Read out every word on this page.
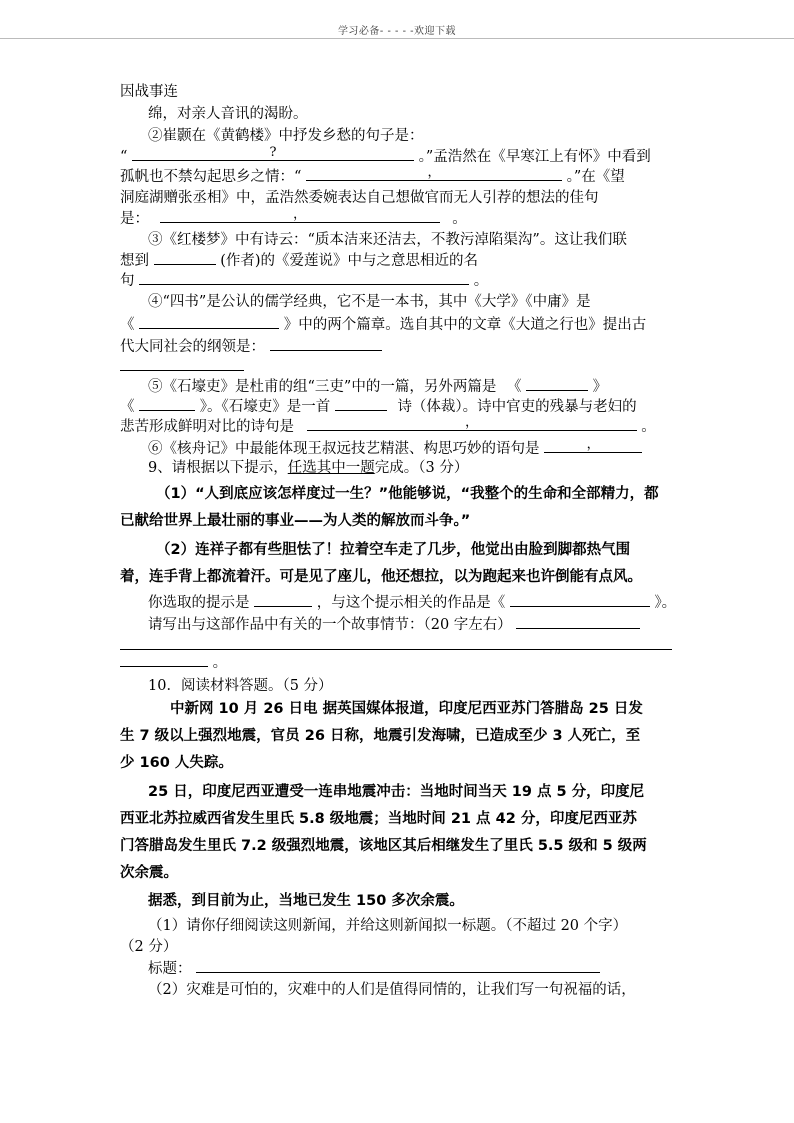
学习必备- - - - -欢迎下载
因战事连
绵，对亲人音讯的渴盼。
②崔颢在《黄鹤楼》中抒发乡愁的句子是：
“	?	。”孟浩然在《早寒江上有怀》中看到
孤帆也不禁勾起思乡之情：“	，	。”在《望
洞庭湖赠张丞相》中，孟浩然委婉表达自己想做官而无人引荐的想法的佳句
是：	，	。
③《红楼梦》中有诗云：“质本洁来还洁去，不教污淖陷渠沟”。这让我们联
想到	(作者)的《爱莲说》中与之意思相近的名
句	。
④“四书”是公认的儒学经典，它不是一本书，其中《大学》《中庸》是
《	》中的两个篇章。选自其中的文章《大道之行也》提出古
代大同社会的纲领是：
⑤《石壕吏》是杜甫的组“三吏”中的一篇，另外两篇是 《	》
《	》。《石壕吏》是一首	诗（体裁）。诗中官吏的残暴与老妇的
悲苦形成鲜明对比的诗句是	，	。
⑥《核舟记》中最能体现王叔远技艺精湛、构思巧妙的语句是	，
9、请根据以下提示，任选其中一题完成。（3 分）
（1）“人到底应该怎样度过一生？”他能够说，“我整个的生命和全部精力，都
已献给世界上最壮丽的事业——为人类的解放而斗争。”
（2）连祥子都有些胆怯了！拉着空车走了几步，他觉出由脸到脚都热气围
着，连手背上都流着汗。可是见了座儿，他还想拉，以为跑起来也许倒能有点风。
你选取的提示是	，与这个提示相关的作品是《	》。
请写出与这部作品中有关的一个故事情节：（20 字左右）
。
10．阅读材料答题。（5 分）
中新网 10 月 26 日电 据英国媒体报道，印度尼西亚苏门答腊岛 25 日发
生 7 级以上强烈地震，官员 26 日称，地震引发海啸，已造成至少 3 人死亡，至
少 160 人失踪。
25 日，印度尼西亚遭受一连串地震冲击：当地时间当天 19 点 5 分，印度尼
西亚北苏拉威西省发生里氏 5.8 级地震；当地时间 21 点 42 分，印度尼西亚苏
门答腊岛发生里氏 7.2 级强烈地震，该地区其后相继发生了里氏 5.5 级和 5 级两
次余震。
据悉，到目前为止，当地已发生 150 多次余震。
（1）请你仔细阅读这则新闻，并给这则新闻拟一标题。（不超过 20 个字）
（2 分）
标题：
（2）灾难是可怕的，灾难中的人们是值得同情的，让我们写一句祝福的话，
